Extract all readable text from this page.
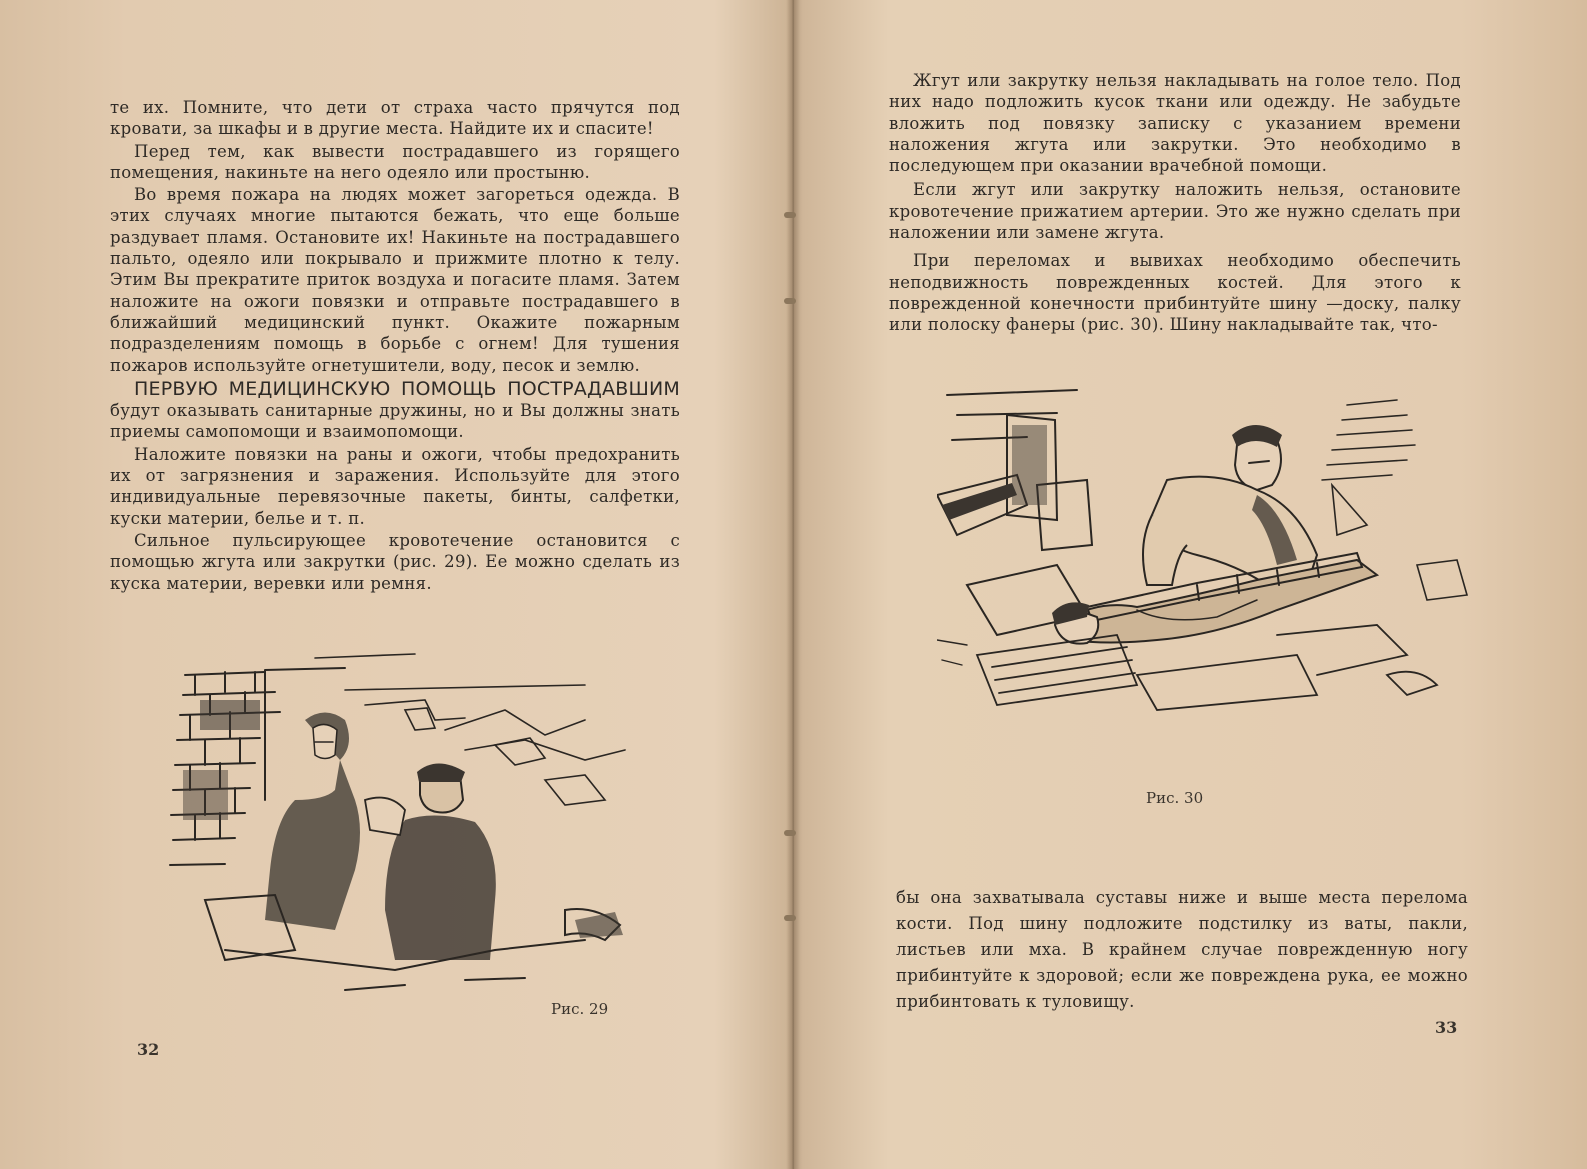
те их. Помните, что дети от страха часто прячутся под кровати, за шкафы и в другие места. Найдите их и спасите!

Перед тем, как вывести пострадавшего из горящего помещения, накиньте на него одеяло или простыню.

Во время пожара на людях может загореться одежда. В этих случаях многие пытаются бежать, что еще больше раздувает пламя. Остановите их! Накиньте на пострадавшего пальто, одеяло или покрывало и прижмите плотно к телу. Этим Вы прекратите приток воздуха и погасите пламя. Затем наложите на ожоги повязки и отправьте пострадавшего в ближайший медицинский пункт. Окажите пожарным подразделениям помощь в борьбе с огнем! Для тушения пожаров используйте огнетушители, воду, песок и землю.

ПЕРВУЮ МЕДИЦИНСКУЮ ПОМОЩЬ ПОСТРАДАВШИМ будут оказывать санитарные дружины, но и Вы должны знать приемы самопомощи и взаимопомощи.

Наложите повязки на раны и ожоги, чтобы предохранить их от загрязнения и заражения. Используйте для этого индивидуальные перевязочные пакеты, бинты, салфетки, куски материи, белье и т. п.

Сильное пульсирующее кровотечение остановится с помощью жгута или закрутки (рис. 29). Ее можно сделать из куска материи, веревки или ремня.

Рис. 29
32

Жгут или закрутку нельзя накладывать на голое тело. Под них надо подложить кусок ткани или одежду. Не забудьте вложить под повязку записку с указанием времени наложения жгута или закрутки. Это необходимо в последующем при оказании врачебной помощи.

Если жгут или закрутку наложить нельзя, остановите кровотечение прижатием артерии. Это же нужно сделать при наложении или замене жгута.

При переломах и вывихах необходимо обеспечить неподвижность поврежденных костей. Для этого к поврежденной конечности прибинтуйте шину —доску, палку или полоску фанеры (рис. 30). Шину накладывайте так, что-

Рис. 30

бы она захватывала суставы ниже и выше места перелома кости. Под шину подложите подстилку из ваты, пакли, листьев или мха. В крайнем случае поврежденную ногу прибинтуйте к здоровой; если же повреждена рука, ее можно прибинтовать к туловищу.

33
